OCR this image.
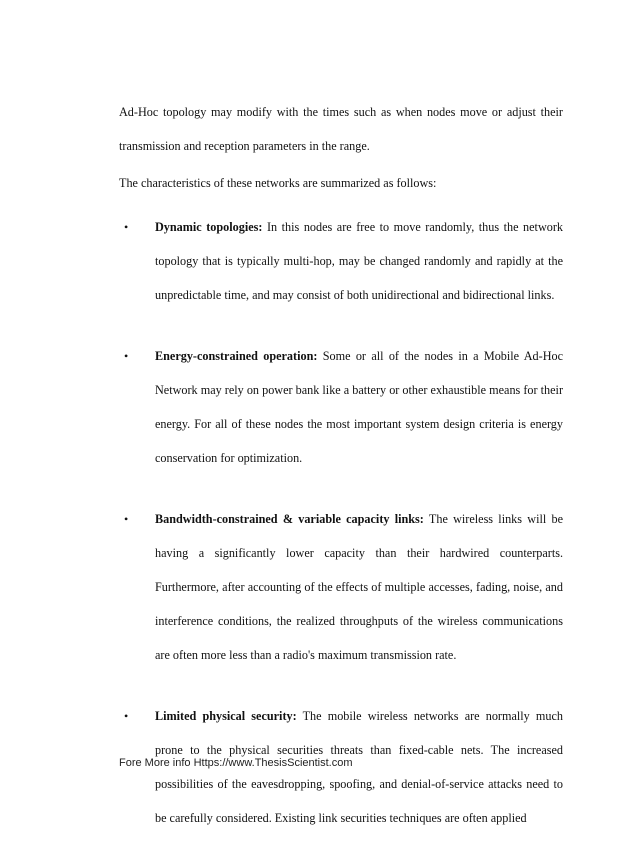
Ad-Hoc topology may modify with the times such as when nodes move or adjust their transmission and reception parameters in the range.

The characteristics of these networks are summarized as follows:

• Dynamic topologies: In this nodes are free to move randomly, thus the network topology that is typically multi-hop, may be changed randomly and rapidly at the unpredictable time, and may consist of both unidirectional and bidirectional links.
• Energy-constrained operation: Some or all of the nodes in a Mobile Ad-Hoc Network may rely on power bank like a battery or other exhaustible means for their energy. For all of these nodes the most important system design criteria is energy conservation for optimization.
• Bandwidth-constrained & variable capacity links: The wireless links will be having a significantly lower capacity than their hardwired counterparts. Furthermore, after accounting of the effects of multiple accesses, fading, noise, and interference conditions, the realized throughputs of the wireless communications are often more less than a radio's maximum transmission rate.
• Limited physical security: The mobile wireless networks are normally much prone to the physical securities threats than fixed-cable nets. The increased possibilities of the eavesdropping, spoofing, and denial-of-service attacks need to be carefully considered. Existing link securities techniques are often applied
Fore More info Https://www.ThesisScientist.com
